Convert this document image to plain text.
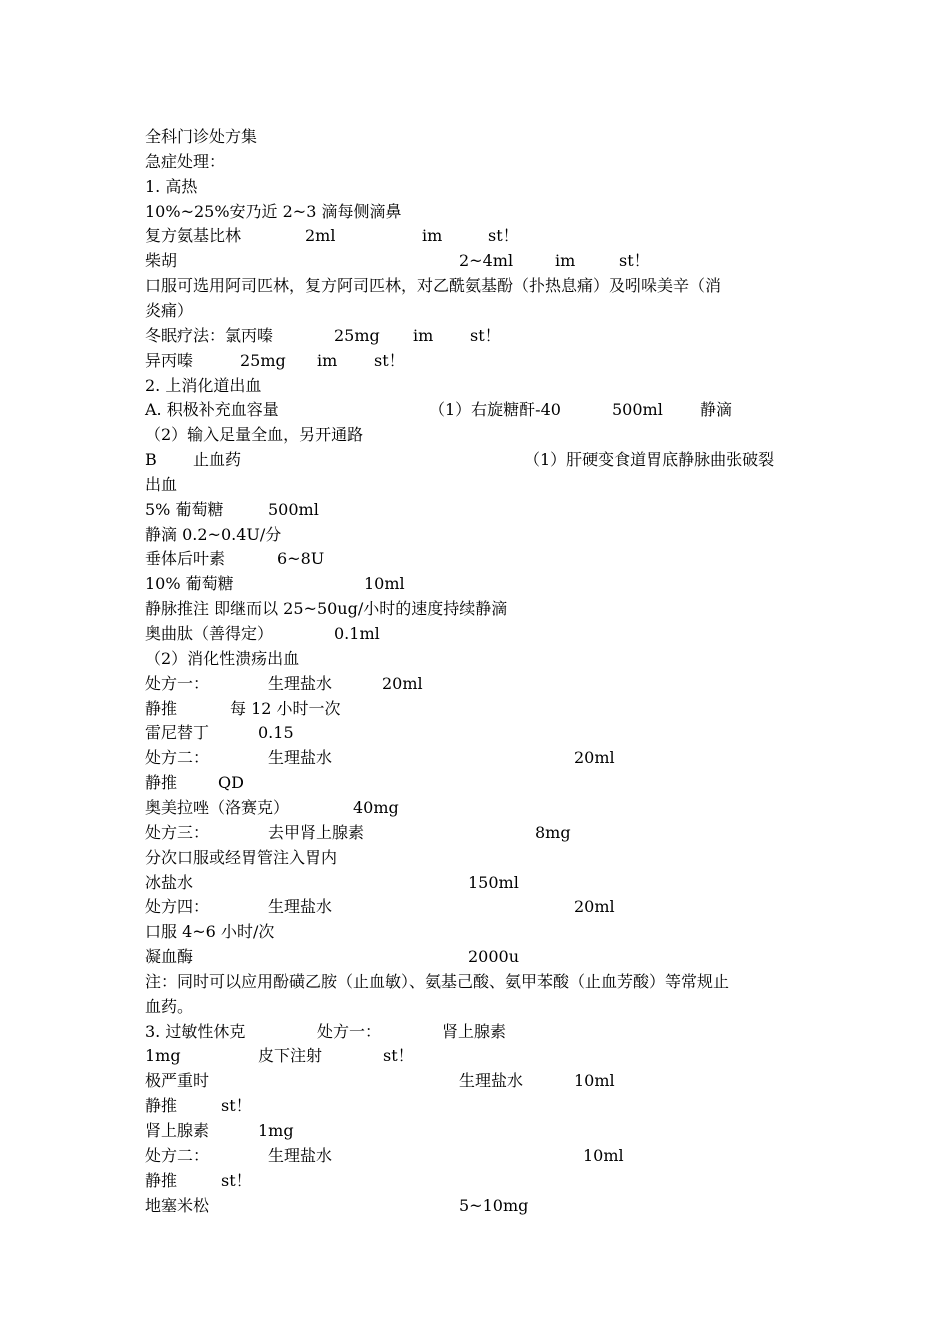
全科门诊处方集
急症处理：
1. 高热
10%~25%安乃近 2~3 滴每侧滴鼻
复方氨基比林	2ml	im	st！
柴胡	2~4ml	im	st！
口服可选用阿司匹林，复方阿司匹林，对乙酰氨基酚（扑热息痛）及吲哚美辛（消
炎痛）
冬眠疗法：氯丙嗪	25mg im st！
异丙嗪	25mg im st！
2. 上消化道出血
A. 积极补充血容量	（1）右旋糖酐-40	500ml 静滴
（2）输入足量全血，另开通路
B 止血药	（1）肝硬变食道胃底静脉曲张破裂
出血
5% 葡萄糖	500ml
静滴 0.2~0.4U/分
垂体后叶素	6~8U
10% 葡萄糖	10ml
静脉推注 即继而以 25~50ug/小时的速度持续静滴
奥曲肽（善得定）	0.1ml
（2）消化性溃疡出血
处方一：	生理盐水	20ml
静推	每 12 小时一次
雷尼替丁	0.15
处方二：	生理盐水	20ml
静推	QD
奥美拉唑（洛赛克）	40mg
处方三：	去甲肾上腺素	8mg
分次口服或经胃管注入胃内
冰盐水	150ml
处方四：	生理盐水	20ml
口服 4~6 小时/次
凝血酶	2000u
注：同时可以应用酚磺乙胺（止血敏）、氨基己酸、氨甲苯酸（止血芳酸）等常规止
血药。
3. 过敏性休克	处方一：	肾上腺素
1mg	皮下注射	st！
极严重时	生理盐水	10ml
静推	st！
肾上腺素	1mg
处方二：	生理盐水	10ml
静推	st！
地塞米松	5~10mg
